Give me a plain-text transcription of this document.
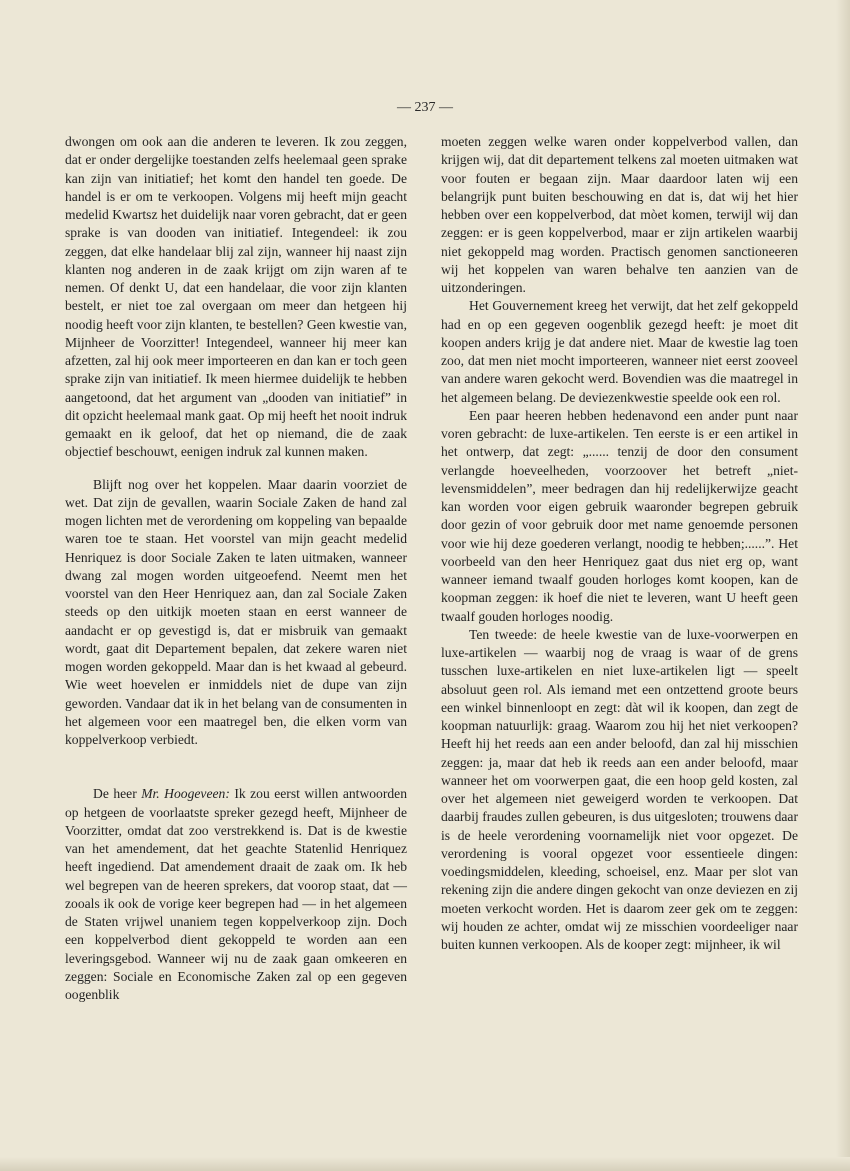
— 237 —

dwongen om ook aan die anderen te leveren. Ik zou zeggen, dat er onder dergelijke toestanden zelfs heelemaal geen sprake kan zijn van initiatief; het komt den handel ten goede. De handel is er om te verkoopen. Volgens mij heeft mijn geacht medelid Kwartsz het duidelijk naar voren gebracht, dat er geen sprake is van dooden van initiatief. Integendeel: ik zou zeggen, dat elke handelaar blij zal zijn, wanneer hij naast zijn klanten nog anderen in de zaak krijgt om zijn waren af te nemen. Of denkt U, dat een handelaar, die voor zijn klanten bestelt, er niet toe zal overgaan om meer dan hetgeen hij noodig heeft voor zijn klanten, te bestellen? Geen kwestie van, Mijnheer de Voorzitter! Integendeel, wanneer hij meer kan afzetten, zal hij ook meer importeeren en dan kan er toch geen sprake zijn van initiatief. Ik meen hiermee duidelijk te hebben aangetoond, dat het argument van „dooden van initiatief” in dit opzicht heelemaal mank gaat. Op mij heeft het nooit indruk gemaakt en ik geloof, dat het op niemand, die de zaak objectief beschouwt, eenigen indruk zal kunnen maken.

Blijft nog over het koppelen. Maar daarin voorziet de wet. Dat zijn de gevallen, waarin Sociale Zaken de hand zal mogen lichten met de verordening om koppeling van bepaalde waren toe te staan. Het voorstel van mijn geacht medelid Henriquez is door Sociale Zaken te laten uitmaken, wanneer dwang zal mogen worden uitgeoefend. Neemt men het voorstel van den Heer Henriquez aan, dan zal Sociale Zaken steeds op den uitkijk moeten staan en eerst wanneer de aandacht er op gevestigd is, dat er misbruik van gemaakt wordt, gaat dit Departement bepalen, dat zekere waren niet mogen worden gekoppeld. Maar dan is het kwaad al gebeurd. Wie weet hoevelen er inmiddels niet de dupe van zijn geworden. Vandaar dat ik in het belang van de consumenten in het algemeen voor een maatregel ben, die elken vorm van koppelverkoop verbiedt.

De heer Mr. Hoogeveen: Ik zou eerst willen antwoorden op hetgeen de voorlaatste spreker gezegd heeft, Mijnheer de Voorzitter, omdat dat zoo verstrekkend is. Dat is de kwestie van het amendement, dat het geachte Statenlid Henriquez heeft ingediend. Dat amendement draait de zaak om. Ik heb wel begrepen van de heeren sprekers, dat voorop staat, dat — zooals ik ook de vorige keer begrepen had — in het algemeen de Staten vrijwel unaniem tegen koppelverkoop zijn. Doch een koppelverbod dient gekoppeld te worden aan een leveringsgebod. Wanneer wij nu de zaak gaan omkeeren en zeggen: Sociale en Economische Zaken zal op een gegeven oogenblik

moeten zeggen welke waren onder koppelverbod vallen, dan krijgen wij, dat dit departement telkens zal moeten uitmaken wat voor fouten er begaan zijn. Maar daardoor laten wij een belangrijk punt buiten beschouwing en dat is, dat wij het hier hebben over een koppelverbod, dat mòet komen, terwijl wij dan zeggen: er is geen koppelverbod, maar er zijn artikelen waarbij niet gekoppeld mag worden. Practisch genomen sanctioneeren wij het koppelen van waren behalve ten aanzien van de uitzonderingen.

Het Gouvernement kreeg het verwijt, dat het zelf gekoppeld had en op een gegeven oogenblik gezegd heeft: je moet dit koopen anders krijg je dat andere niet. Maar de kwestie lag toen zoo, dat men niet mocht importeeren, wanneer niet eerst zooveel van andere waren gekocht werd. Bovendien was die maatregel in het algemeen belang. De deviezenkwestie speelde ook een rol.

Een paar heeren hebben hedenavond een ander punt naar voren gebracht: de luxe-artikelen. Ten eerste is er een artikel in het ontwerp, dat zegt: „...... tenzij de door den consument verlangde hoeveelheden, voorzoover het betreft „niet-levensmiddelen”, meer bedragen dan hij redelijkerwijze geacht kan worden voor eigen gebruik waaronder begrepen gebruik door gezin of voor gebruik door met name genoemde personen voor wie hij deze goederen verlangt, noodig te hebben;......”. Het voorbeeld van den heer Henriquez gaat dus niet erg op, want wanneer iemand twaalf gouden horloges komt koopen, kan de koopman zeggen: ik hoef die niet te leveren, want U heeft geen twaalf gouden horloges noodig.

Ten tweede: de heele kwestie van de luxe-voorwerpen en luxe-artikelen — waarbij nog de vraag is waar of de grens tusschen luxe-artikelen en niet luxe-artikelen ligt — speelt absoluut geen rol. Als iemand met een ontzettend groote beurs een winkel binnenloopt en zegt: dàt wil ik koopen, dan zegt de koopman natuurlijk: graag. Waarom zou hij het niet verkoopen? Heeft hij het reeds aan een ander beloofd, dan zal hij misschien zeggen: ja, maar dat heb ik reeds aan een ander beloofd, maar wanneer het om voorwerpen gaat, die een hoop geld kosten, zal over het algemeen niet geweigerd worden te verkoopen. Dat daarbij fraudes zullen gebeuren, is dus uitgesloten; trouwens daar is de heele verordening voornamelijk niet voor opgezet. De verordening is vooral opgezet voor essentieele dingen: voedingsmiddelen, kleeding, schoeisel, enz. Maar per slot van rekening zijn die andere dingen gekocht van onze deviezen en zij moeten verkocht worden. Het is daarom zeer gek om te zeggen: wij houden ze achter, omdat wij ze misschien voordeeliger naar buiten kunnen verkoopen. Als de kooper zegt: mijnheer, ik wil
